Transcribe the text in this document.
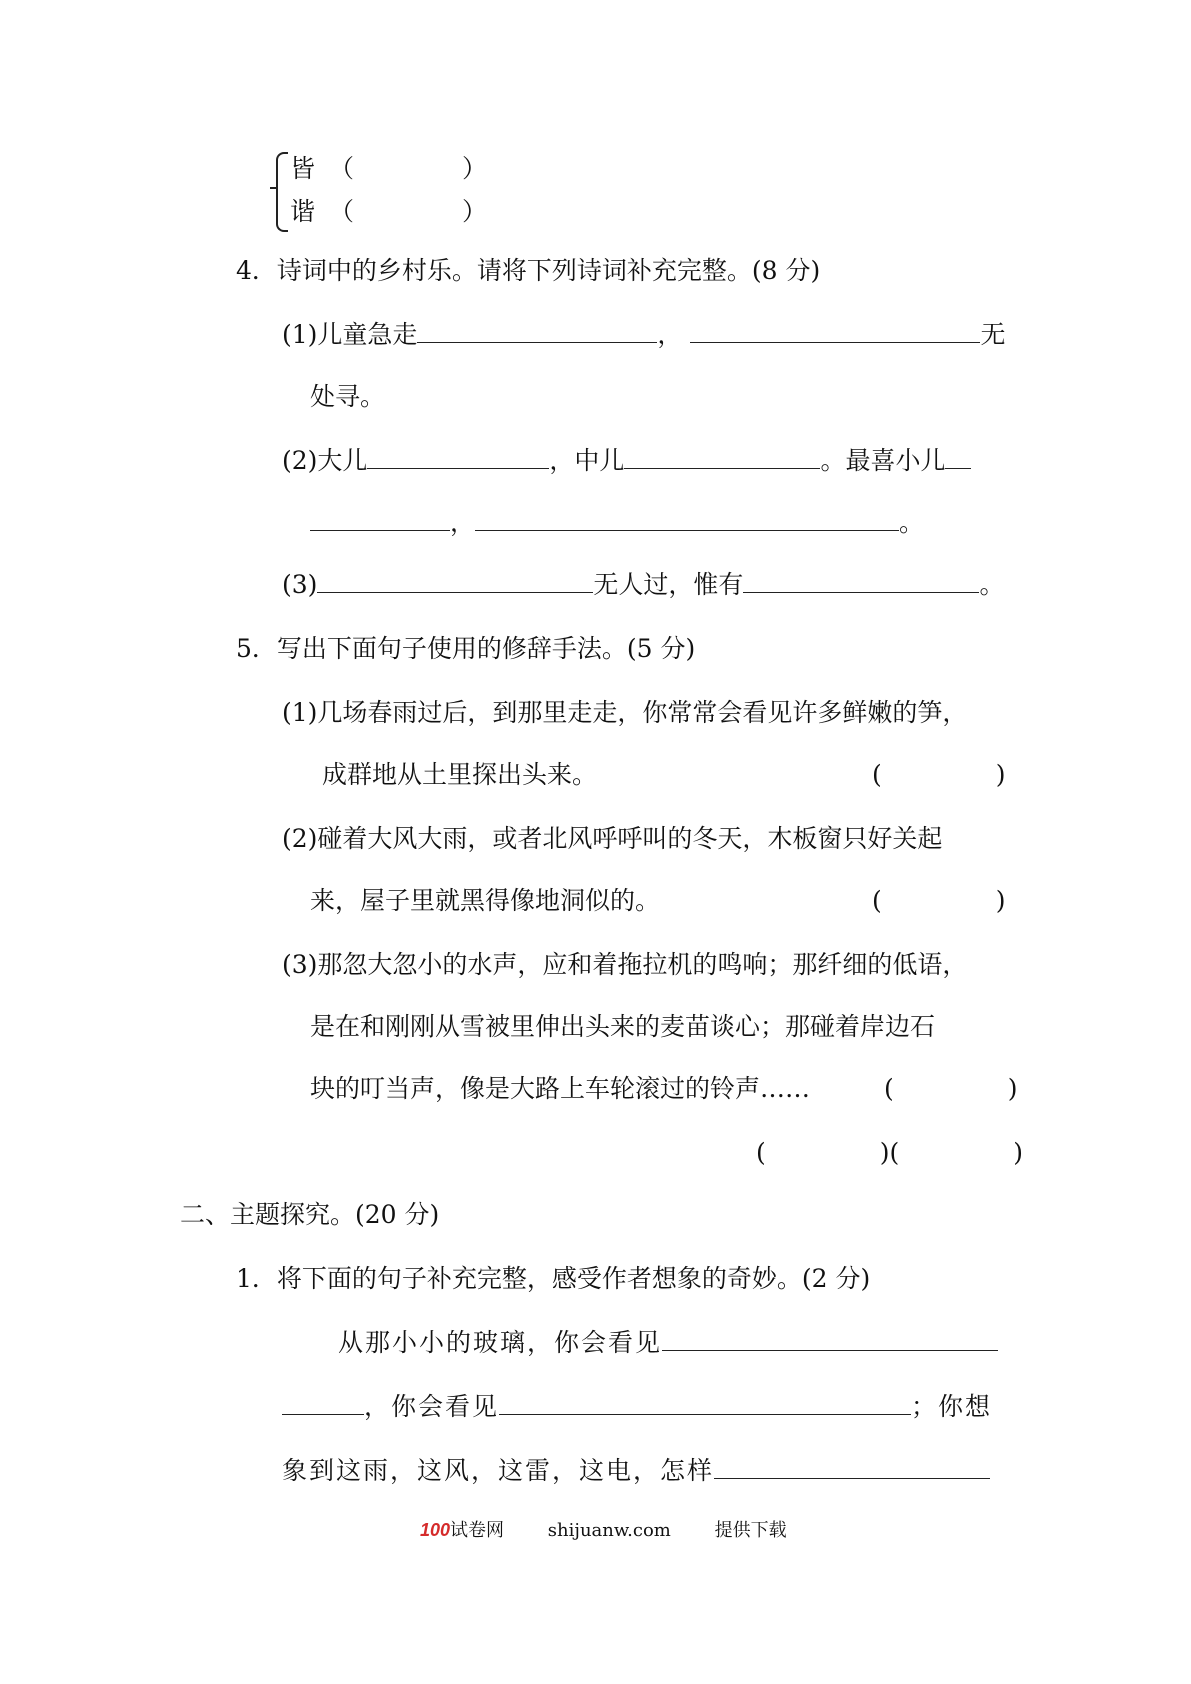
皆 （	）
谐 （	）
4．诗词中的乡村乐。请将下列诗词补充完整。(8 分)
(1)儿童急走	，	无
处寻。
(2)大儿	，中儿	。最喜小儿
，	。
(3)	无人过，惟有	。
5．写出下面句子使用的修辞手法。(5 分)
(1)几场春雨过后，到那里走走，你常常会看见许多鲜嫩的笋，
成群地从土里探出头来。	(	)
(2)碰着大风大雨，或者北风呼呼叫的冬天，木板窗只好关起
来，屋子里就黑得像地洞似的。	(	)
(3)那忽大忽小的水声，应和着拖拉机的鸣响；那纤细的低语，
是在和刚刚从雪被里伸出头来的麦苗谈心；那碰着岸边石
块的叮当声，像是大路上车轮滚过的铃声……	(	)
(	)(	)
二、主题探究。(20 分)
1．将下面的句子补充完整，感受作者想象的奇妙。(2 分)
从那小小的玻璃，你会看见
，你会看见	；你想
象到这雨，这风，这雷，这电，怎样
100试卷网 shijuanw.com 提供下载
